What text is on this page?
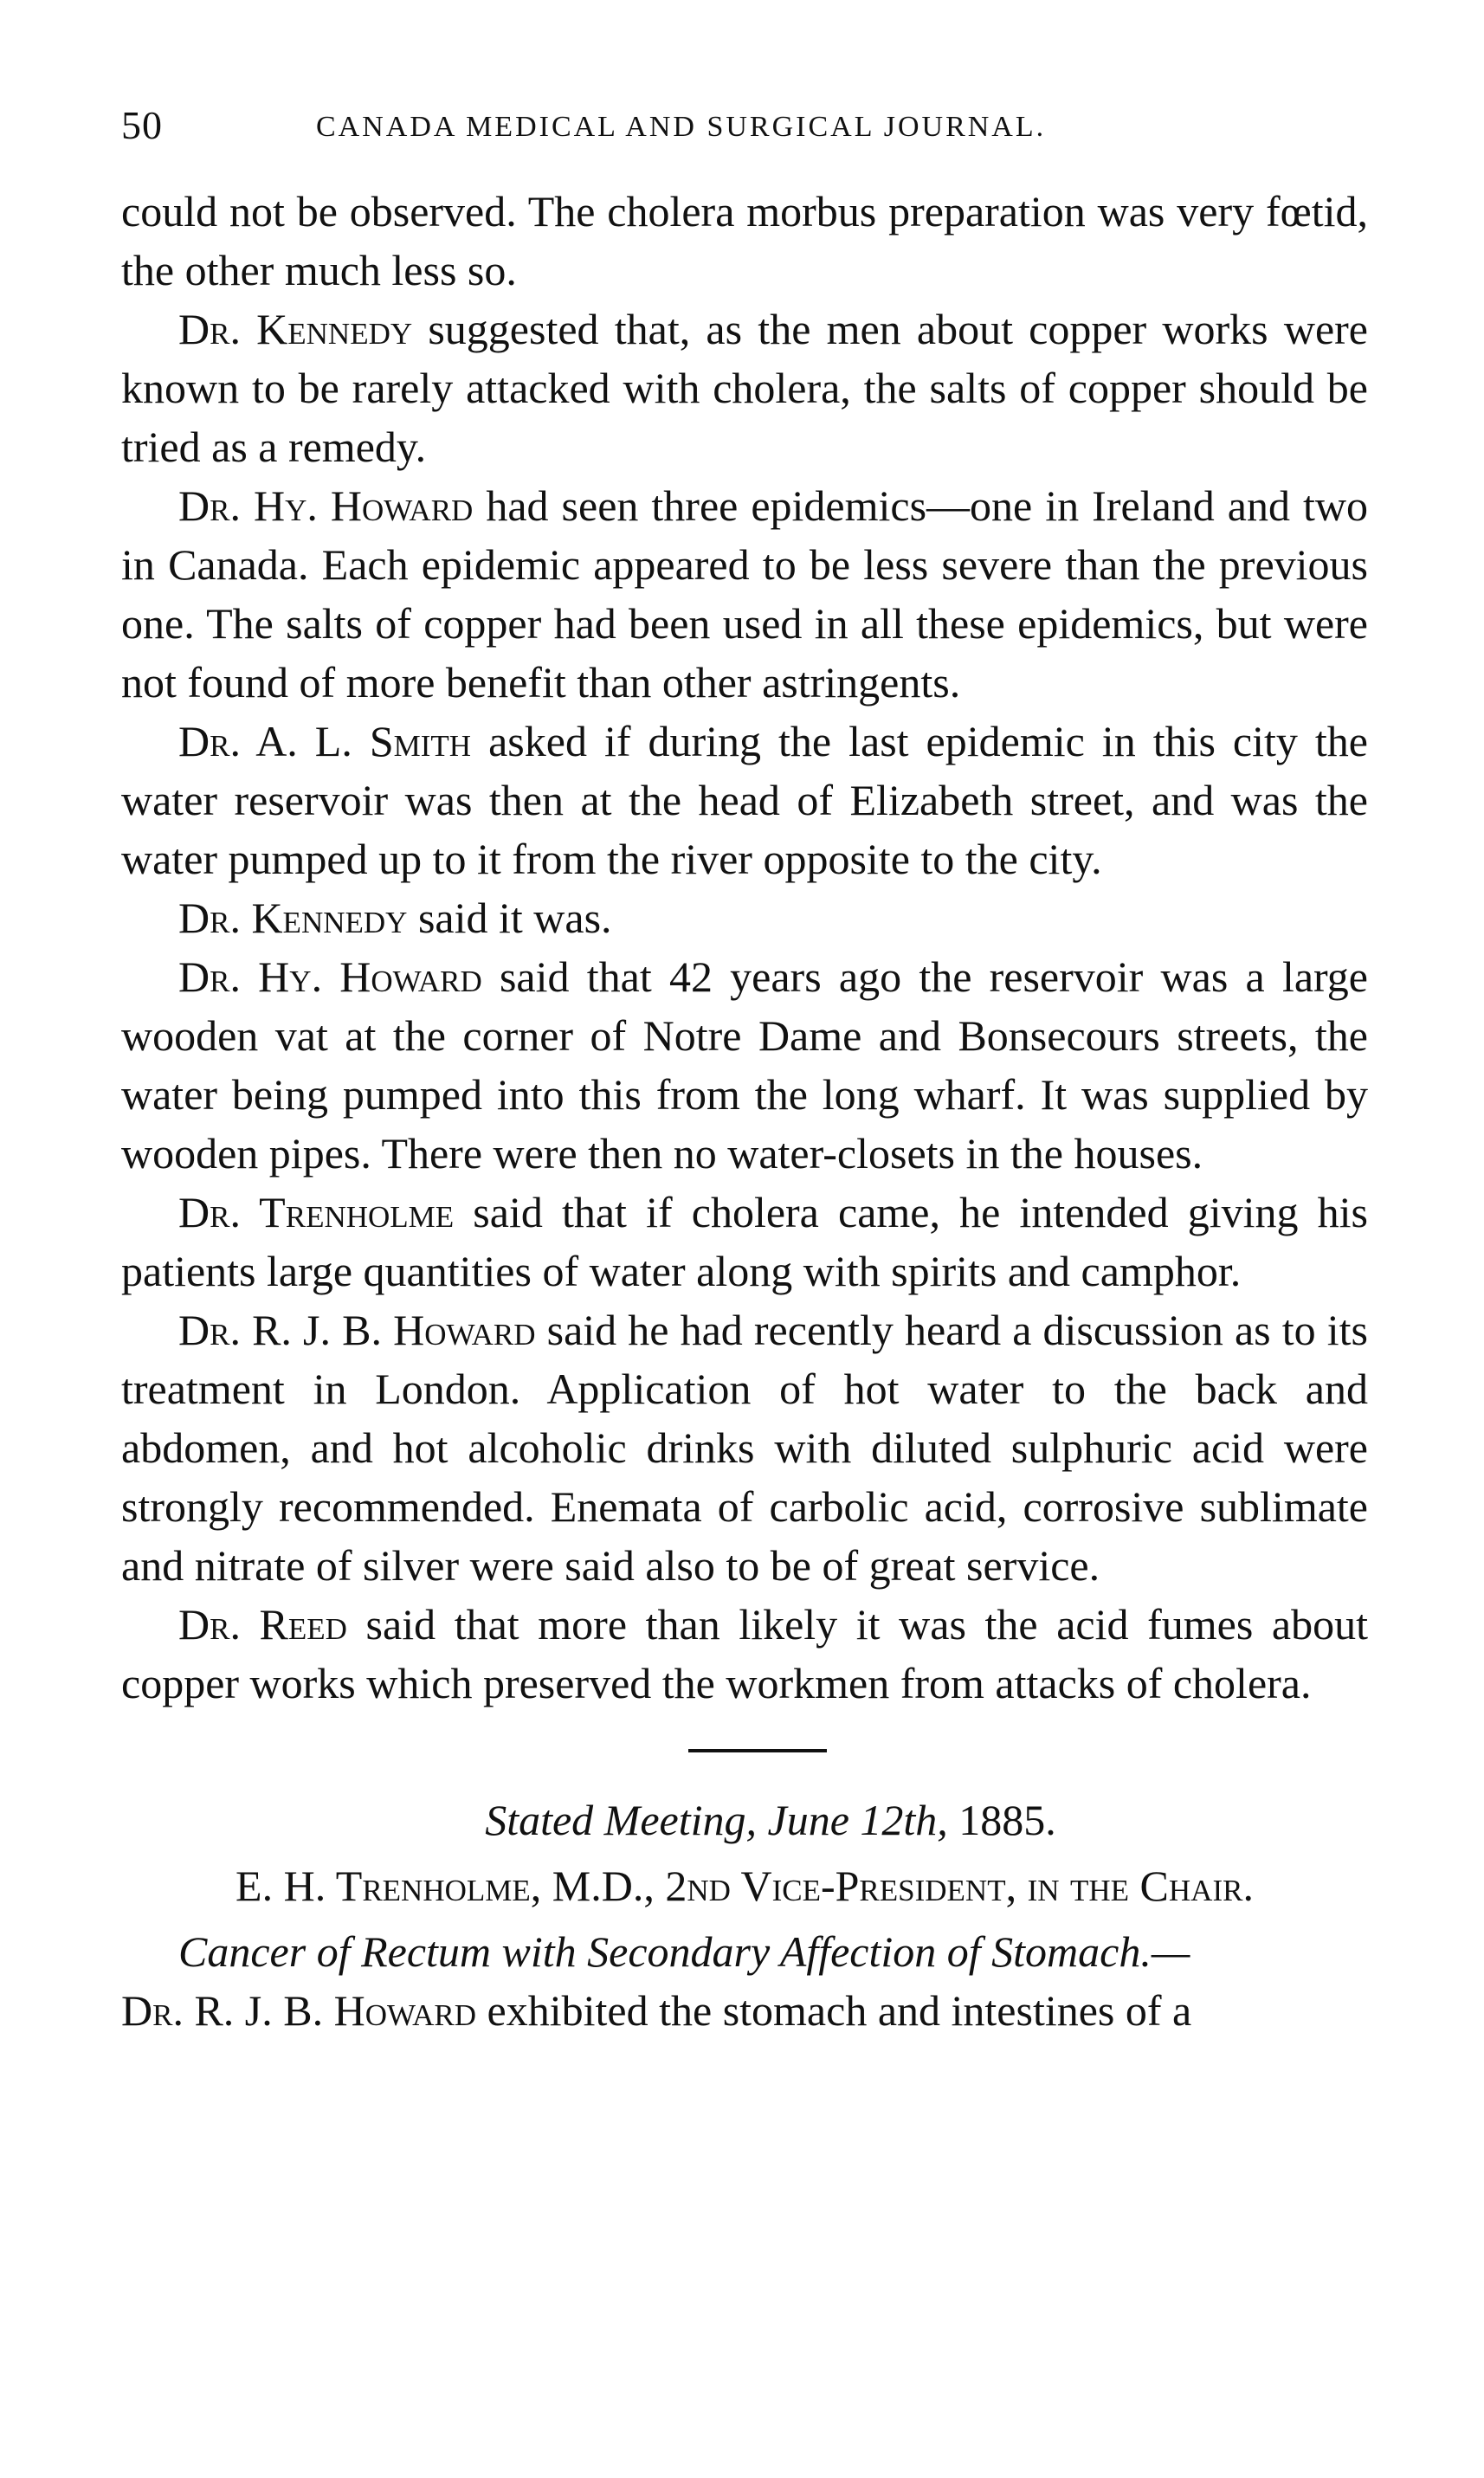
50	CANADA MEDICAL AND SURGICAL JOURNAL.

could not be observed. The cholera morbus preparation was very fœtid, the other much less so.

Dr. Kennedy suggested that, as the men about copper works were known to be rarely attacked with cholera, the salts of copper should be tried as a remedy.

Dr. Hy. Howard had seen three epidemics—one in Ireland and two in Canada. Each epidemic appeared to be less severe than the previous one. The salts of copper had been used in all these epidemics, but were not found of more benefit than other astringents.

Dr. A. L. Smith asked if during the last epidemic in this city the water reservoir was then at the head of Elizabeth street, and was the water pumped up to it from the river opposite to the city.

Dr. Kennedy said it was.

Dr. Hy. Howard said that 42 years ago the reservoir was a large wooden vat at the corner of Notre Dame and Bonsecours streets, the water being pumped into this from the long wharf. It was supplied by wooden pipes. There were then no water-closets in the houses.

Dr. Trenholme said that if cholera came, he intended giving his patients large quantities of water along with spirits and camphor.

Dr. R. J. B. Howard said he had recently heard a discussion as to its treatment in London. Application of hot water to the back and abdomen, and hot alcoholic drinks with diluted sulphuric acid were strongly recommended. Enemata of carbolic acid, corrosive sublimate and nitrate of silver were said also to be of great service.

Dr. Reed said that more than likely it was the acid fumes about copper works which preserved the workmen from attacks of cholera.

Stated Meeting, June 12th, 1885.

E. H. Trenholme, M.D., 2nd Vice-President, in the Chair.

Cancer of Rectum with Secondary Affection of Stomach.—

Dr. R. J. B. Howard exhibited the stomach and intestines of a
